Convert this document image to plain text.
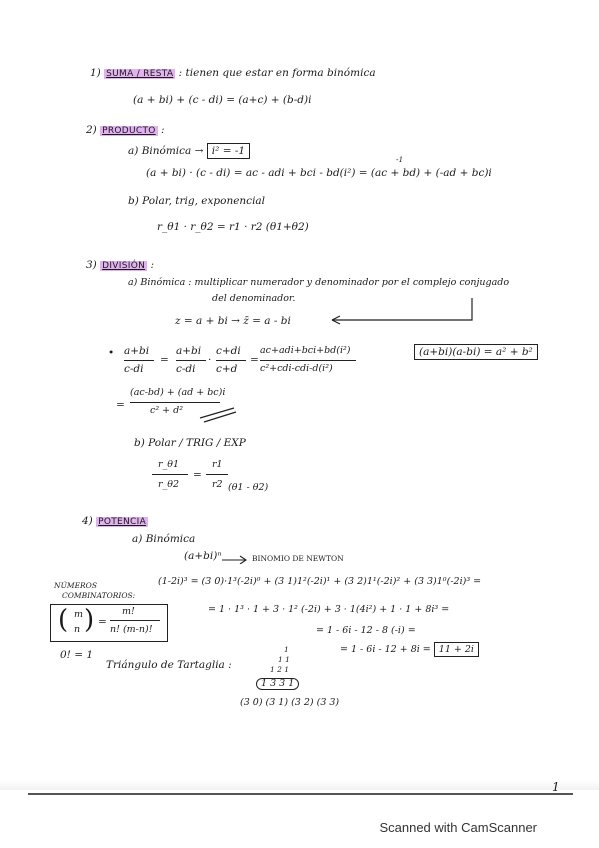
1) SUMA / RESTA : tienen que estar en forma binómica
(a + bi) + (c - di) = (a+c) + (b-d)i
2) PRODUCTO :
a) Binómica → i² = -1
(a + bi) · (c - di) = ac - adi + bci - bd(i²) = (ac + bd) + (-ad + bc)i
-1
b) Polar, trig, exponencial
r_θ1 · r_θ2 = r1 · r2 (θ1+θ2)
3) DIVISIÓN :
a) Binómica : multiplicar numerador y denominador por el complejo conjugado
del denominador.
z = a + bi → z̄ = a - bi
• a+bi
c-di
=
a+bi
c-di
·
c+di
c+d
=
ac+adi+bci+bd(i²)
c²+cdi-cdi-d(i²)
(a+bi)(a-bi) = a² + b²
=
(ac-bd) + (ad + bc)i
c² + d²
b) Polar / TRIG / EXP
r_θ1
r_θ2
=
r1
r2 (θ1 - θ2)
4) POTENCIA
a) Binómica
(a+bi)ⁿ	BINOMIO DE NEWTON
NÚMEROS
COMBINATORIOS:
( m
n ) =
m!
n! (m-n)!
0! = 1
(1-2i)³ = (3 0)·1³(-2i)⁰ + (3 1)1²(-2i)¹ + (3 2)1¹(-2i)² + (3 3)1⁰(-2i)³ =
= 1 · 1³ · 1 + 3 · 1² (-2i) + 3 · 1(4i²) + 1 · 1 + 8i³ =
= 1 - 6i - 12 - 8 (-i) =
= 1 - 6i - 12 + 8i = 11 + 2i
Triángulo de Tartaglia :
1
1 1
1 2 1
1 3 3 1
(3 0) (3 1) (3 2) (3 3)
1
Scanned with CamScanner
